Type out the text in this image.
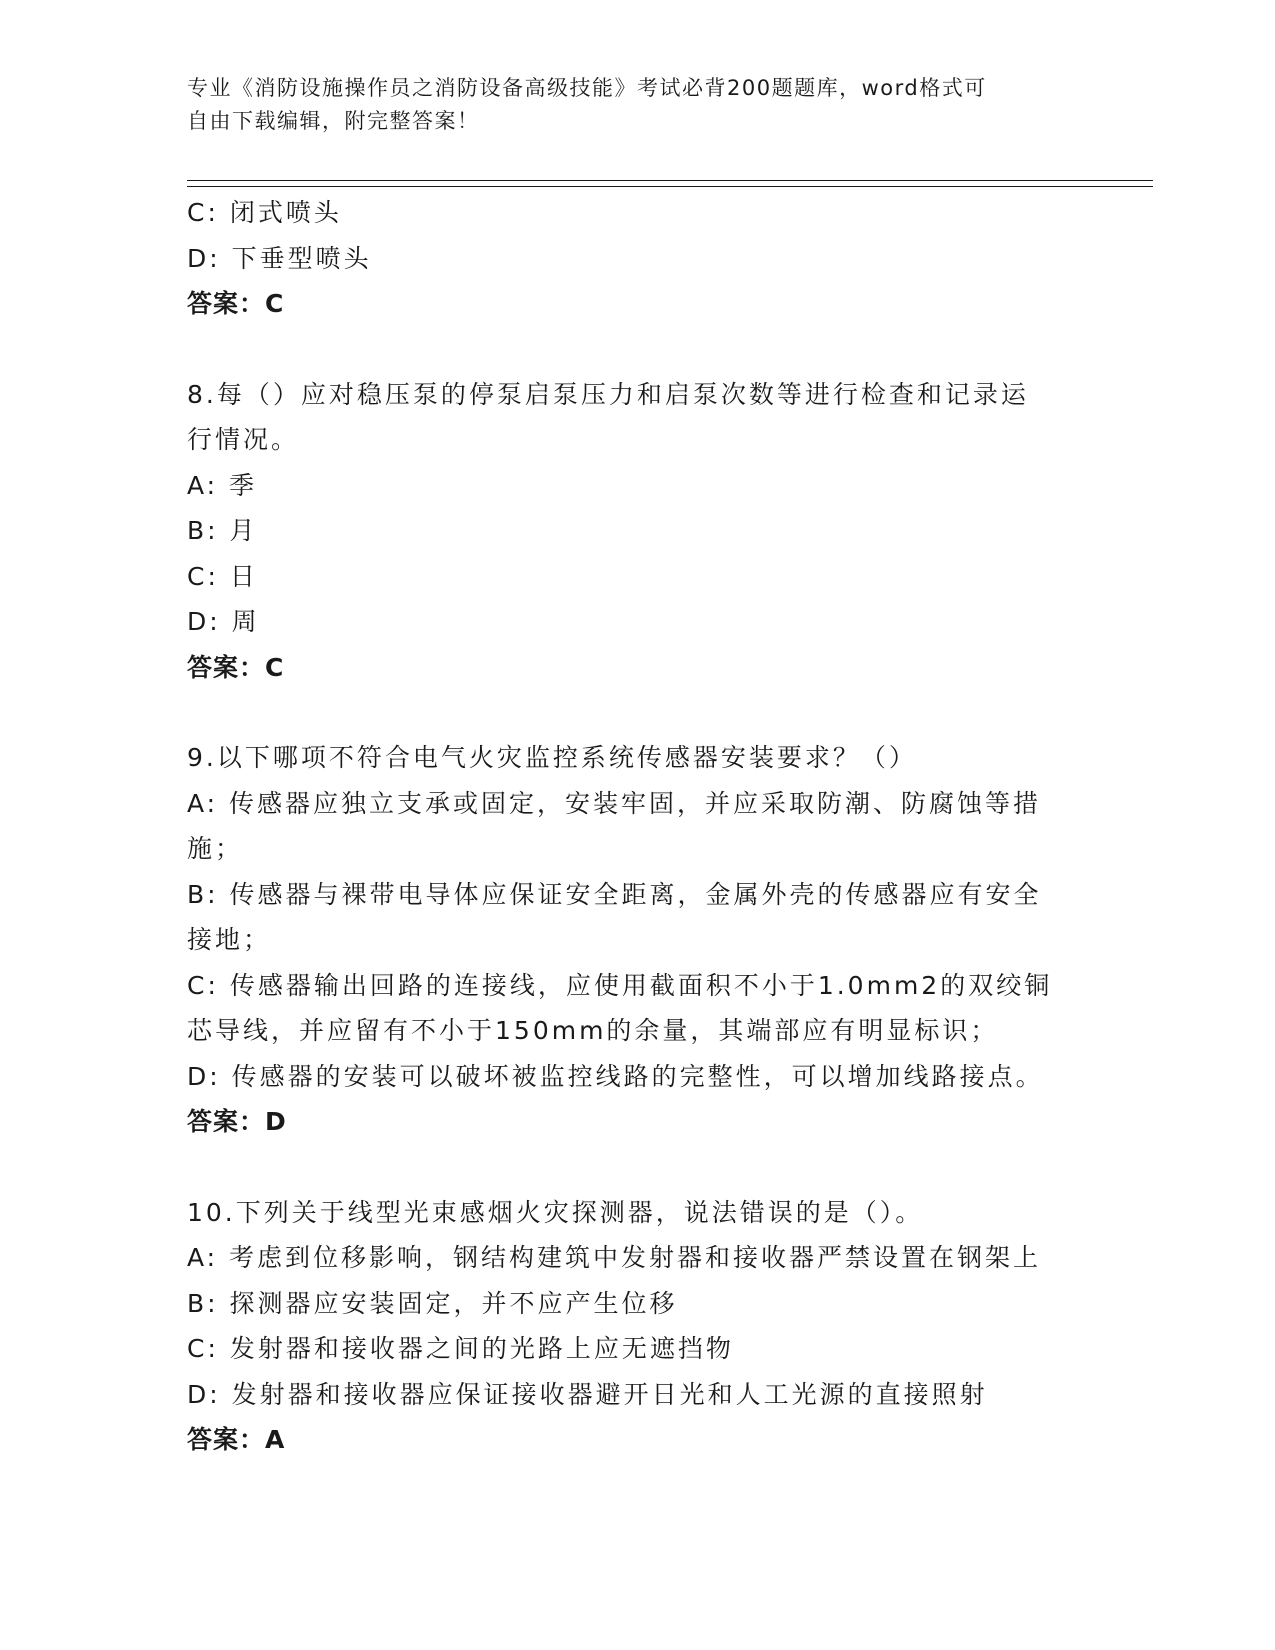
专业《消防设施操作员之消防设备高级技能》考试必背200题题库，word格式可
自由下载编辑，附完整答案！
C: 闭式喷头
D: 下垂型喷头
答案：C
8.每（）应对稳压泵的停泵启泵压力和启泵次数等进行检查和记录运
行情况。
A: 季
B: 月
C: 日
D: 周
答案：C
9.以下哪项不符合电气火灾监控系统传感器安装要求？（）
A: 传感器应独立支承或固定，安装牢固，并应采取防潮、防腐蚀等措
施；
B: 传感器与裸带电导体应保证安全距离，金属外壳的传感器应有安全
接地；
C: 传感器输出回路的连接线，应使用截面积不小于1.0mm2的双绞铜
芯导线，并应留有不小于150mm的余量，其端部应有明显标识；
D: 传感器的安装可以破坏被监控线路的完整性，可以增加线路接点。
答案：D
10.下列关于线型光束感烟火灾探测器，说法错误的是（）。
A: 考虑到位移影响，钢结构建筑中发射器和接收器严禁设置在钢架上
B: 探测器应安装固定，并不应产生位移
C: 发射器和接收器之间的光路上应无遮挡物
D: 发射器和接收器应保证接收器避开日光和人工光源的直接照射
答案：A
